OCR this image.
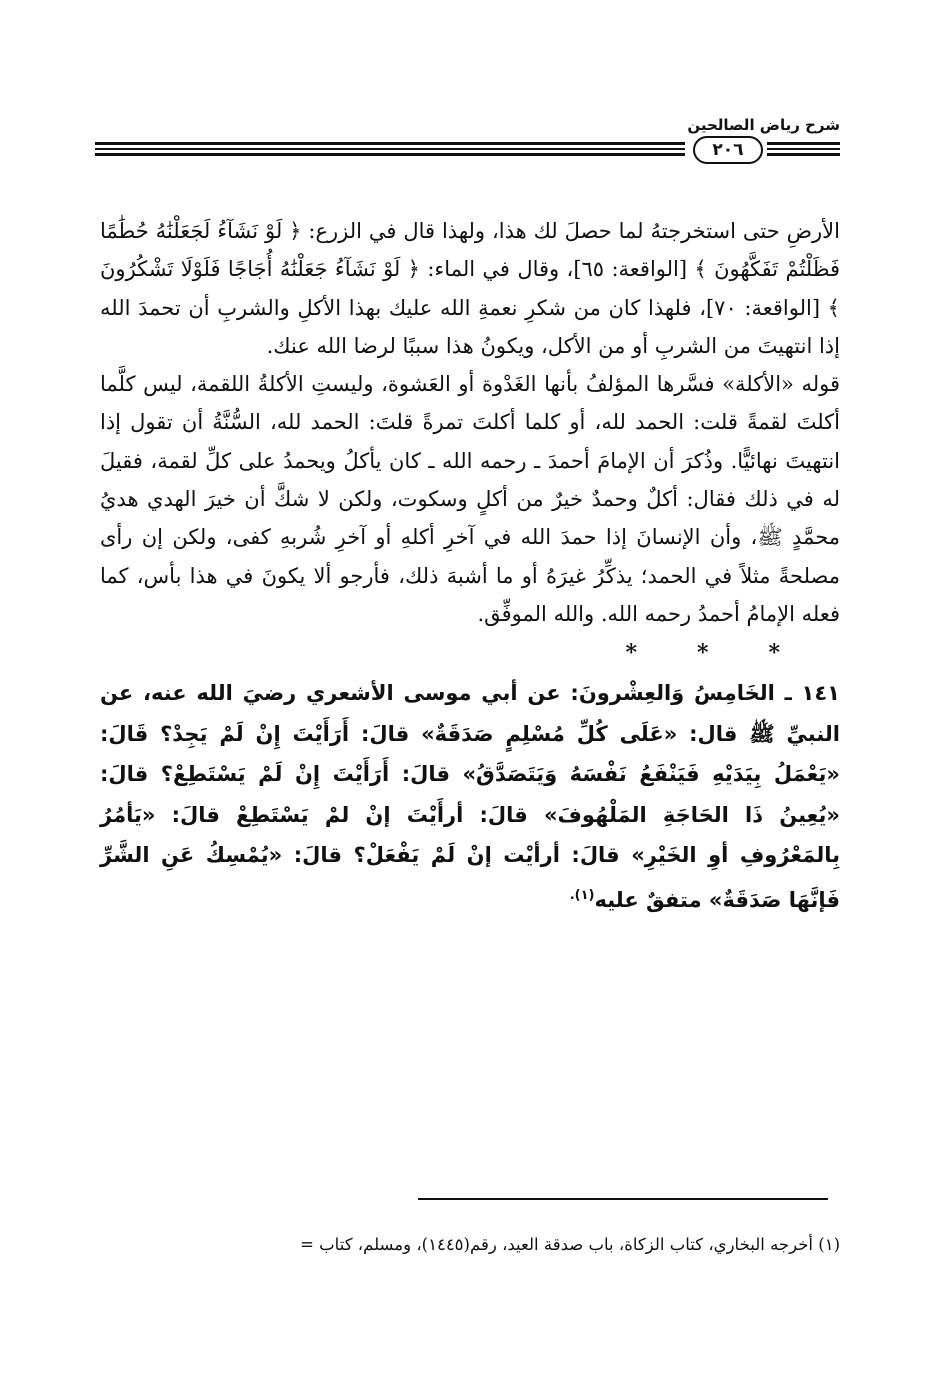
شرح رياض الصالحين
٢٠٦

الأرضِ حتى استخرجتهُ لما حصلَ لك هذا، ولهذا قال في الزرع: ﴿ لَوْ نَشَآءُ لَجَعَلْنَٰهُ حُطَٰمًا فَظَلْتُمْ تَفَكَّهُونَ ﴾ [الواقعة: ٦٥]، وقال في الماء: ﴿ لَوْ نَشَآءُ جَعَلْنَٰهُ أُجَاجًا فَلَوْلَا تَشْكُرُونَ ﴾ [الواقعة: ٧٠]، فلهذا كان من شكرِ نعمةِ الله عليك بهذا الأكلِ والشربِ أن تحمدَ الله إذا انتهيتَ من الشربِ أو من الأكل، ويكونُ هذا سببًا لرضا الله عنك.

قوله «الأكلة» فسَّرها المؤلفُ بأنها الغَدْوة أو العَشوة، وليستِ الأكلةُ اللقمة، ليس كلَّما أكلتَ لقمةً قلت: الحمد لله، أو كلما أكلتَ تمرةً قلتَ: الحمد لله، السُّنَّةُ أن تقول إذا انتهيتَ نهائيًّا. وذُكرَ أن الإمامَ أحمدَ ـ رحمه الله ـ كان يأكلُ ويحمدُ على كلِّ لقمة، فقيلَ له في ذلك فقال: أكلٌ وحمدٌ خيرٌ من أكلٍ وسكوت، ولكن لا شكَّ أن خيرَ الهدي هديُ محمَّدٍ ﷺ، وأن الإنسانَ إذا حمدَ الله في آخرِ أكلهِ أو آخرِ شُربهِ كفى، ولكن إن رأى مصلحةً مثلاً في الحمد؛ يذكِّرُ غيرَهُ أو ما أشبهَ ذلك، فأرجو ألا يكونَ في هذا بأس، كما فعله الإمامُ أحمدُ رحمه الله. والله الموفِّق.

***

١٤١ ـ الخَامِسُ وَالعِشْرونَ: عن أبي موسى الأشعري رضيَ الله عنه، عن النبيِّ ﷺ قال: «عَلَى كُلِّ مُسْلِمٍ صَدَقَةٌ» قالَ: أَرَأَيْتَ إِنْ لَمْ يَجِدْ؟ قَالَ: «يَعْمَلُ بِيَدَيْهِ فَيَنْفَعُ نَفْسَهُ وَيَتَصَدَّقُ» قالَ: أَرَأَيْتَ إِنْ لَمْ يَسْتَطِعْ؟ قالَ: «يُعِينُ ذَا الحَاجَةِ المَلْهُوفَ» قالَ: أرأَيْتَ إنْ لمْ يَسْتَطِعْ قالَ: «يَأمُرُ بِالمَعْرُوفِ أوِ الخَيْرِ» قالَ: أرأيْت إنْ لَمْ يَفْعَلْ؟ قالَ: «يُمْسِكُ عَنِ الشَّرِّ فَإنَّهَا صَدَقَةٌ» متفقٌ عليه$^{(١).}$

(١) أخرجه البخاري، كتاب الزكاة، باب صدقة العيد، رقم(١٤٤٥)، ومسلم، كتاب =
